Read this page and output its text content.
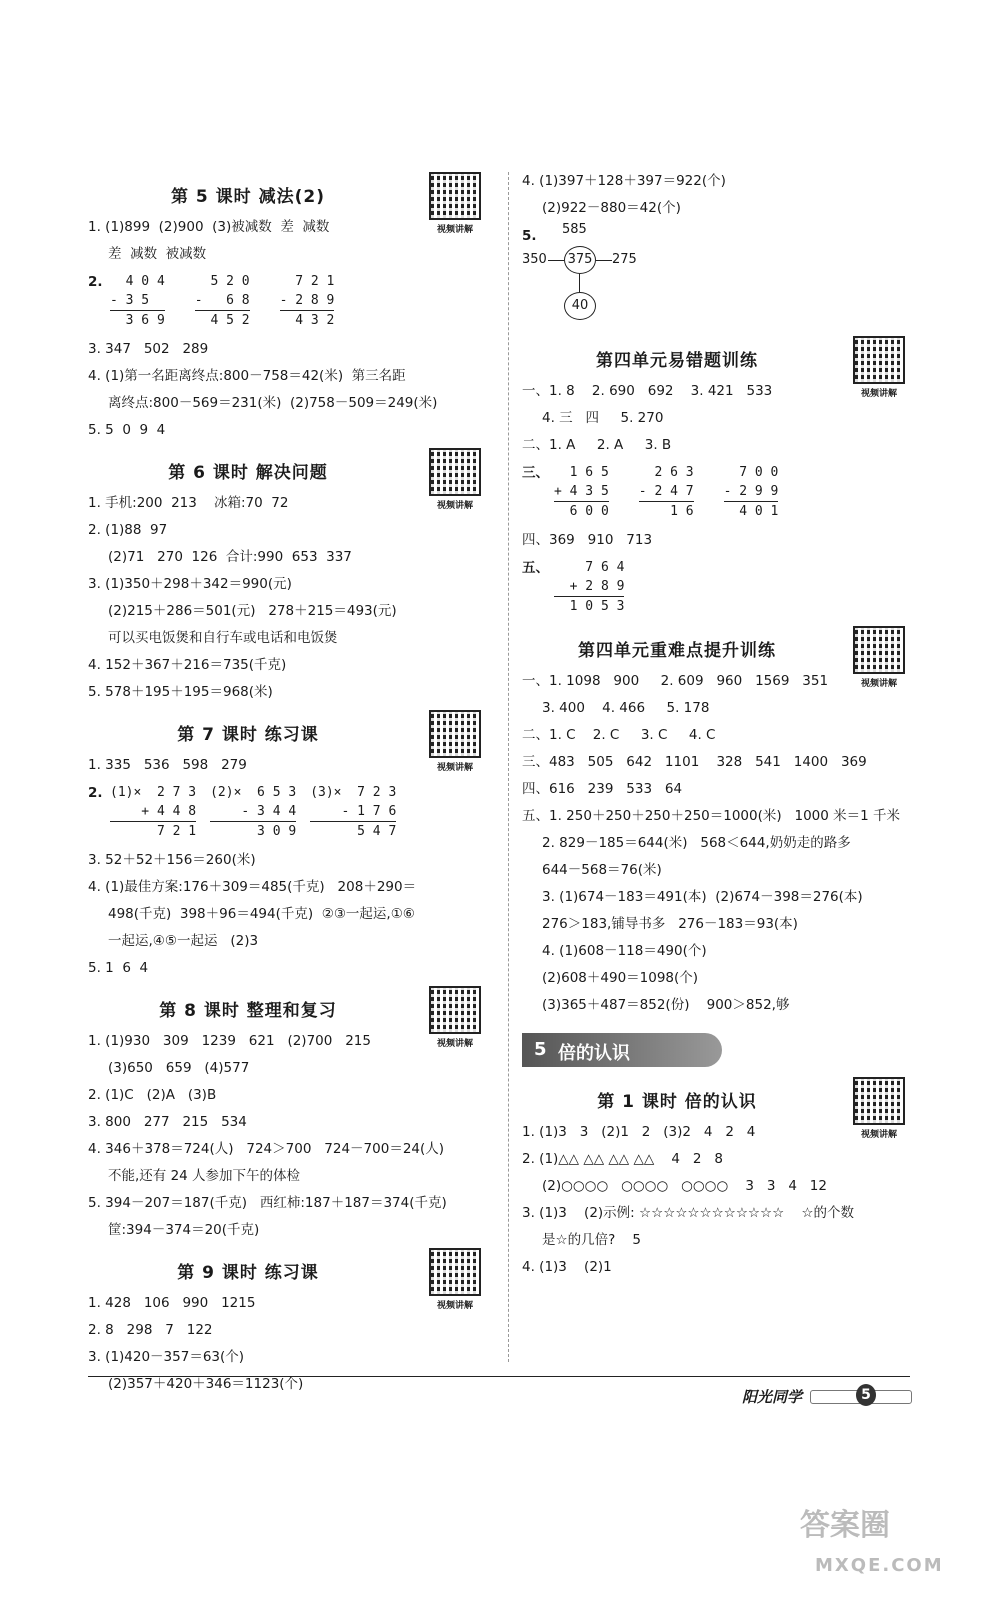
第 5 课时 减法(2)
视频讲解

1. (1)899  (2)900  (3)被减数  差  减数

差  减数  被减数

2. 4 0 4
- 3 5
3 6 9
5 2 0
-   6 8
4 5 2
7 2 1
- 2 8 9
4 3 2

3. 347   502   289

4. (1)第一名距离终点:800－758＝42(米)  第三名距

离终点:800－569＝231(米)  (2)758－509＝249(米)

5. 5  0  9  4

第 6 课时 解决问题
视频讲解

1. 手机:200  213    冰箱:70  72

2. (1)88  97

(2)71   270  126  合计:990  653  337

3. (1)350＋298＋342＝990(元)

(2)215＋286＝501(元)   278＋215＝493(元)

可以买电饭煲和自行车或电话和电饭煲

4. 152＋367＋216＝735(千克)

5. 578＋195＋195＝968(米)

第 7 课时 练习课
视频讲解

1. 335   536   598   279

2. (1)×  2 7 3
+ 4 4 8
7 2 1
(2)×  6 5 3
- 3 4 4
3 0 9
(3)×  7 2 3
- 1 7 6
5 4 7

3. 52＋52＋156＝260(米)

4. (1)最佳方案:176＋309＝485(千克)   208＋290＝

498(千克)  398＋96＝494(千克)  ②③一起运,①⑥

一起运,④⑤一起运   (2)3

5. 1  6  4

第 8 课时 整理和复习
视频讲解

1. (1)930   309   1239   621   (2)700   215

(3)650   659   (4)577

2. (1)C   (2)A   (3)B

3. 800   277   215   534

4. 346＋378＝724(人)   724＞700   724－700＝24(人)

不能,还有 24 人参加下午的体检

5. 394－207＝187(千克)   西红柿:187＋187＝374(千克)

筐:394－374＝20(千克)

第 9 课时 练习课
视频讲解

1. 428   106   990   1215

2. 8   298   7   122

3. (1)420－357＝63(个)

(2)357＋420＋346＝1123(个)

4. (1)397＋128＋397＝922(个)

(2)922－880＝42(个)

5.	585
350 375 275
40
第四单元易错题训练
视频讲解

一、1. 8    2. 690   692    3. 421   533

4. 三   四     5. 270

二、1. A     2. A     3. B

三、 1 6 5
+ 4 3 5
6 0 0
2 6 3
- 2 4 7
1 6
7 0 0
- 2 9 9
4 0 1

四、369   910   713

五、 7 6 4
+ 2 8 9
1 0 5 3
第四单元重难点提升训练
视频讲解

一、1. 1098   900     2. 609   960   1569   351

3. 400    4. 466     5. 178

二、1. C    2. C     3. C     4. C

三、483   505   642   1101    328   541   1400   369

四、616   239   533   64

五、1. 250＋250＋250＋250＝1000(米)   1000 米＝1 千米

2. 829－185＝644(米)   568＜644,奶奶走的路多

644－568＝76(米)

3. (1)674－183＝491(本)  (2)674－398＝276(本)

276＞183,铺导书多   276－183＝93(本)

4. (1)608－118＝490(个)

(2)608＋490＝1098(个)

(3)365＋487＝852(份)    900＞852,够

5 倍的认识
第 1 课时 倍的认识
视频讲解

1. (1)3   3   (2)1   2   (3)2   4   2   4

2. (1)△△ △△ △△ △△    4   2   8

(2)○○○○   ○○○○   ○○○○    3   3   4   12

3. (1)3    (2)示例: ☆☆☆☆☆☆☆☆☆☆☆☆    ☆的个数

是☆的几倍?    5

4. (1)3    (2)1

阳光同学	5
答案圈
MXQE.COM
